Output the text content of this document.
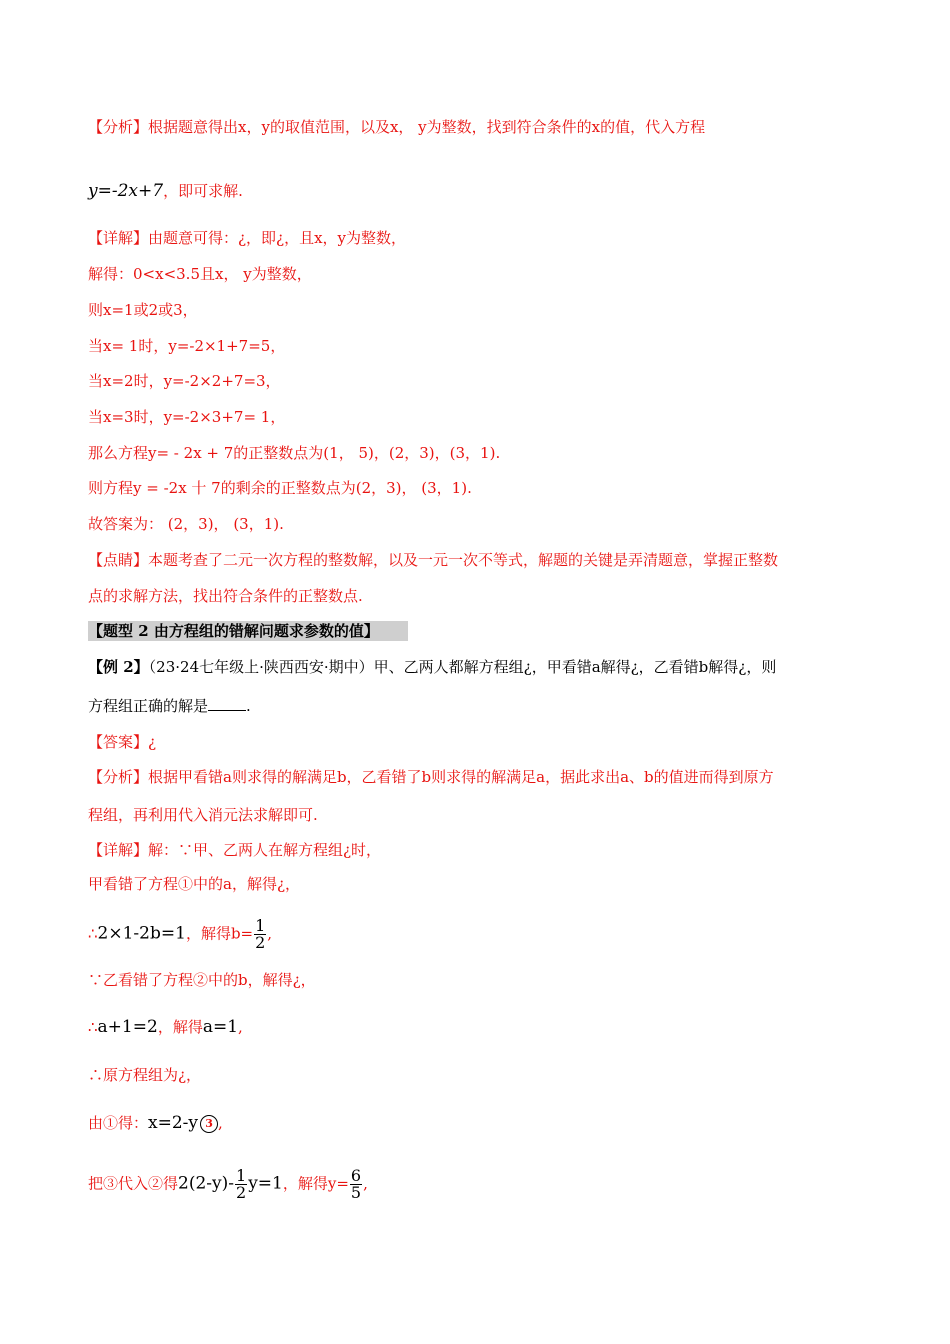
【分析】根据题意得出x，y的取值范围，以及x， y为整数，找到符合条件的x的值，代入方程
y=-2x+7，即可求解.
【详解】由题意可得：¿，即¿，且x，y为整数，
解得：0<x<3.5且x， y为整数，
则x=1或2或3，
当x= 1时，y=-2×1+7=5，
当x=2时，y=-2×2+7=3，
当x=3时，y=-2×3+7= 1，
那么方程y= - 2x + 7的正整数点为(1， 5)，(2，3)，(3，1).
则方程y = -2x 十 7的剩余的正整数点为(2，3)， (3，1).
故答案为： (2，3)， (3，1).
【点睛】本题考查了二元一次方程的整数解，以及一元一次不等式，解题的关键是弄清题意，掌握正整数
点的求解方法，找出符合条件的正整数点.
【题型 2 由方程组的错解问题求参数的值】
【例 2】（23·24七年级上·陕西西安·期中）甲、乙两人都解方程组¿，甲看错a解得¿，乙看错b解得¿，则
方程组正确的解是	.
【答案】¿
【分析】根据甲看错a则求得的解满足b，乙看错了b则求得的解满足a，据此求出a、b的值进而得到原方
程组，再利用代入消元法求解即可.
【详解】解：∵甲、乙两人在解方程组¿时，
甲看错了方程①中的a，解得¿，
∴2×1-2b=1，解得$b= \frac{1}{2}$ ,
∵乙看错了方程②中的b，解得¿，
∴a+1=2，解得a=1,
∴原方程组为¿，
由①得：x=2-y 3 ,
把③代入②得$2(2-y)- \frac{1}{2} y=1$，解得$y= \frac{6}{5}$ ,
